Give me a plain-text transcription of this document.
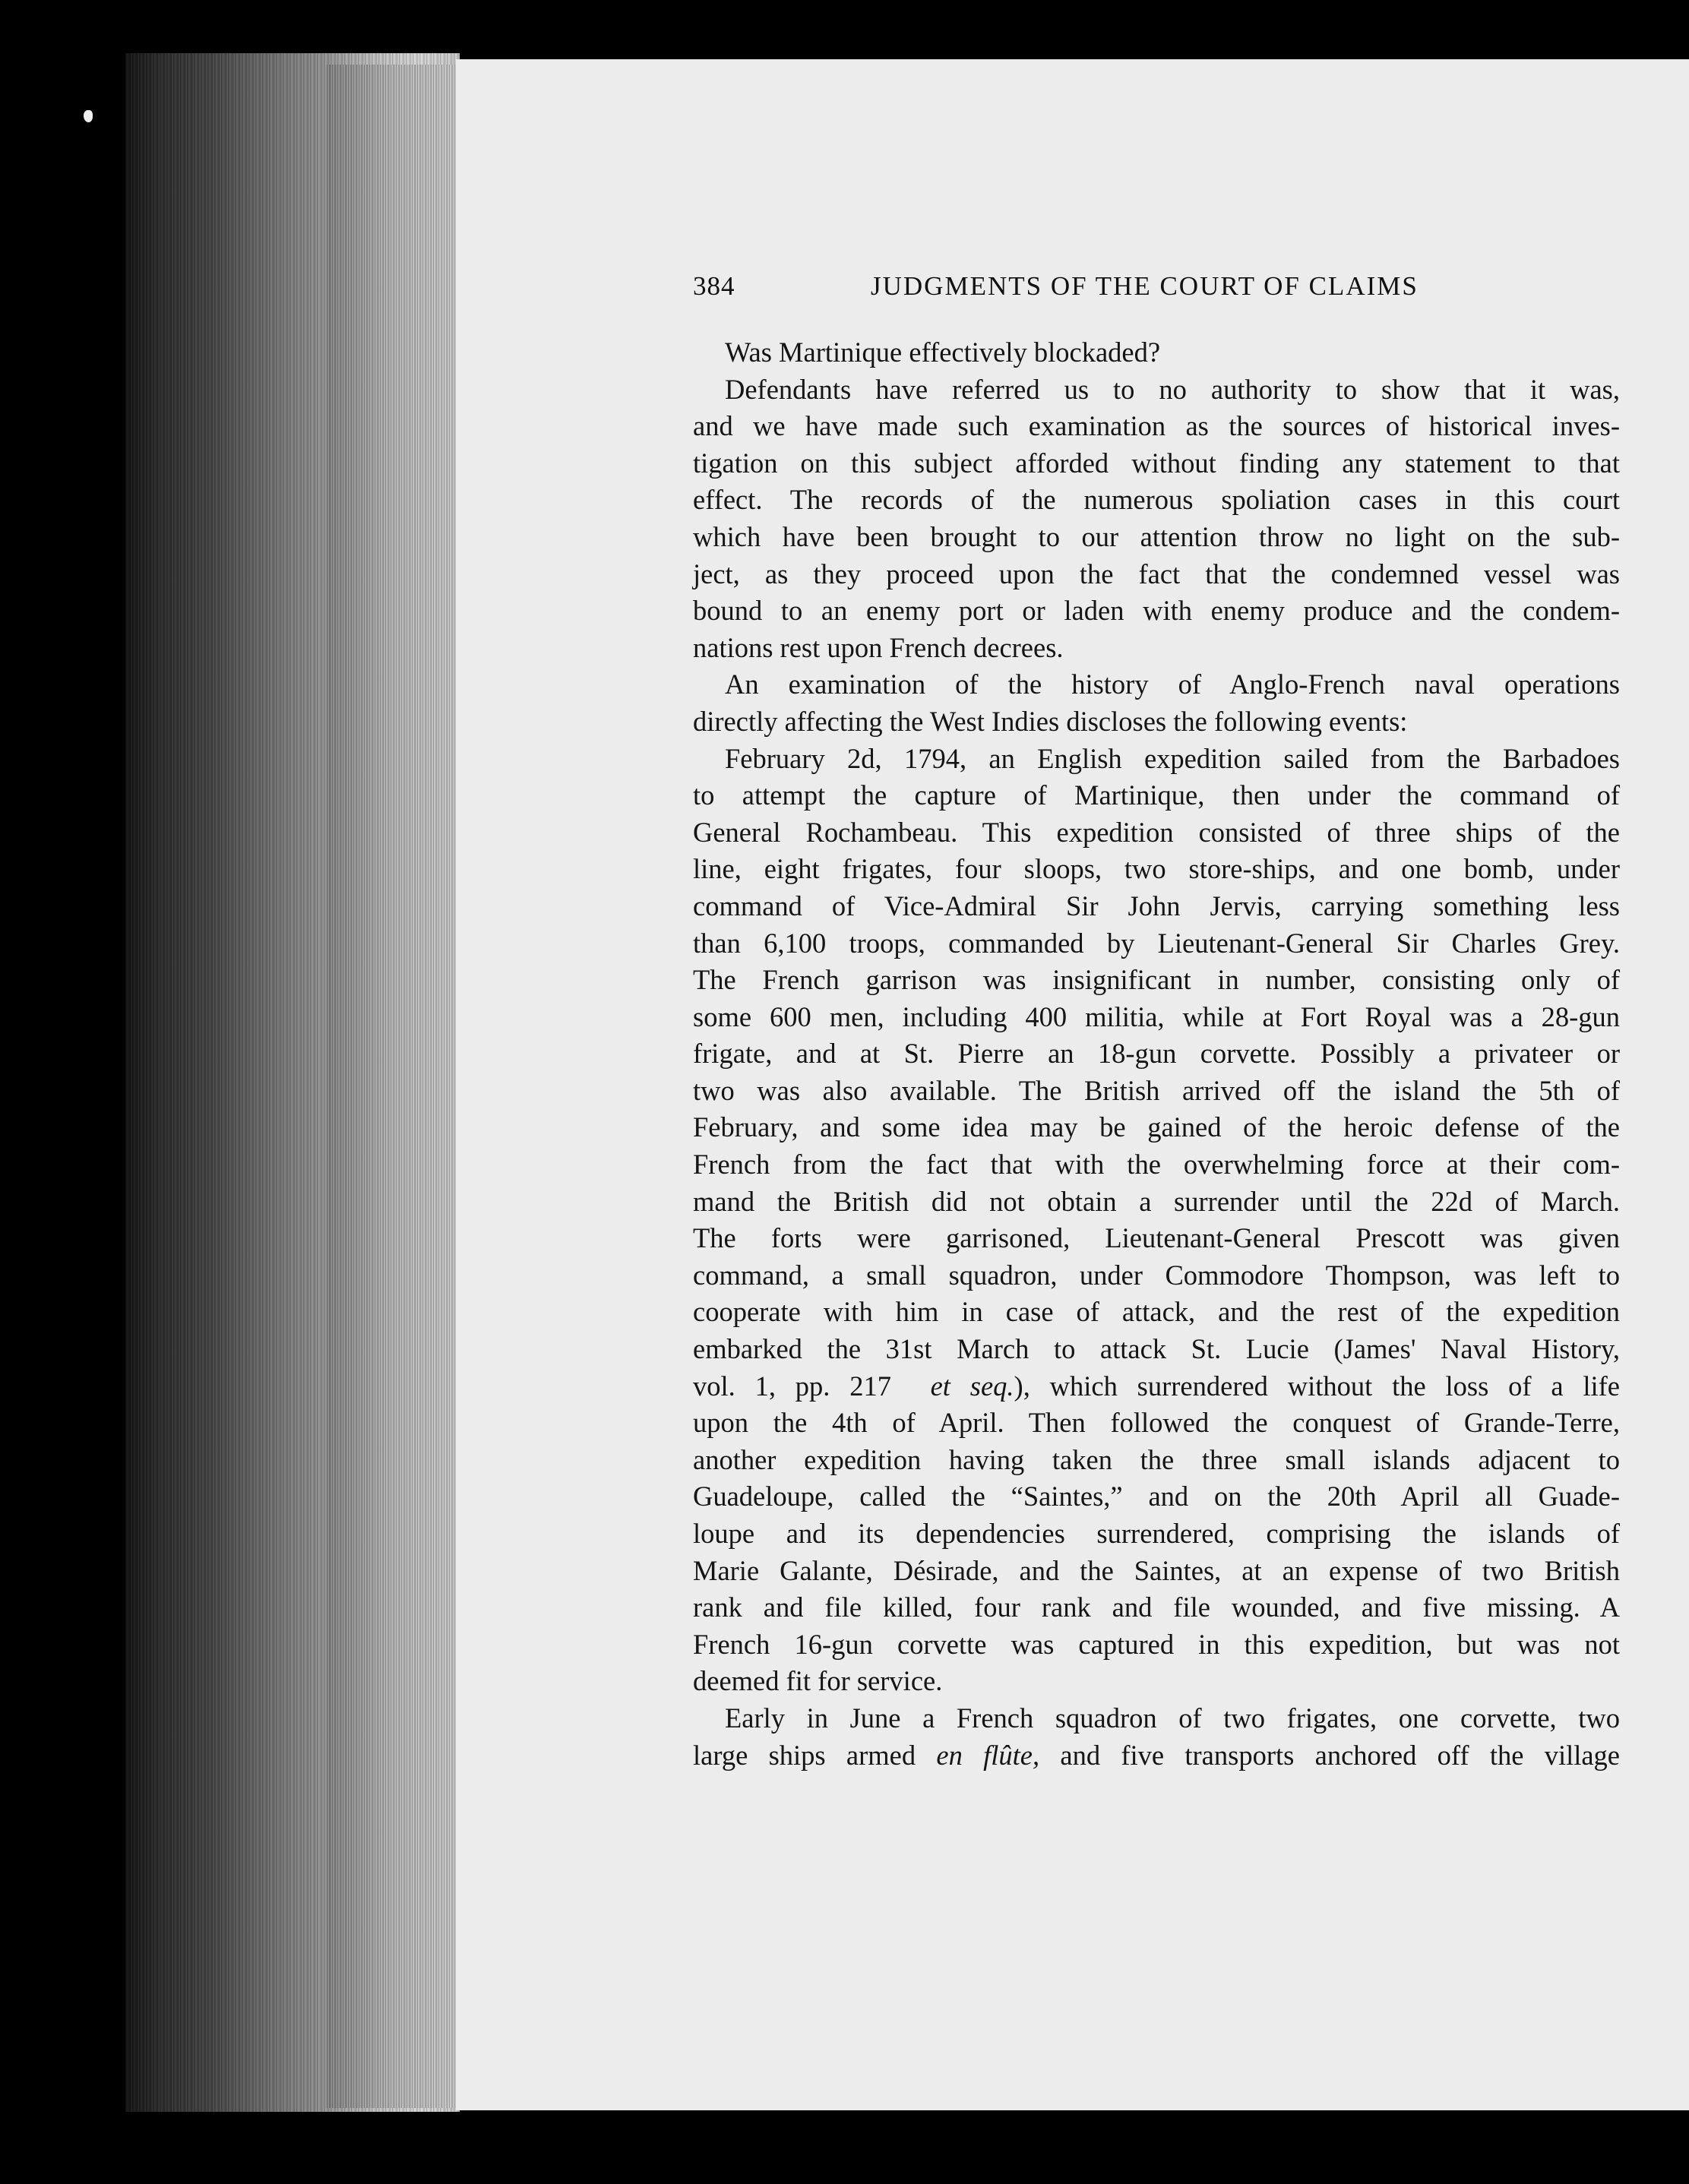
384	JUDGMENTS OF THE COURT OF CLAIMS
Was Martinique effectively blockaded?
Defendants have referred us to no authority to show that it was,
and we have made such examination as the sources of historical inves-
tigation on this subject afforded without finding any statement to that
effect. The records of the numerous spoliation cases in this court
which have been brought to our attention throw no light on the sub-
ject, as they proceed upon the fact that the condemned vessel was
bound to an enemy port or laden with enemy produce and the condem-
nations rest upon French decrees.
An examination of the history of Anglo-French naval operations
directly affecting the West Indies discloses the following events:
February 2d, 1794, an English expedition sailed from the Barbadoes
to attempt the capture of Martinique, then under the command of
General Rochambeau. This expedition consisted of three ships of the
line, eight frigates, four sloops, two store-ships, and one bomb, under
command of Vice-Admiral Sir John Jervis, carrying something less
than 6,100 troops, commanded by Lieutenant-General Sir Charles Grey.
The French garrison was insignificant in number, consisting only of
some 600 men, including 400 militia, while at Fort Royal was a 28-gun
frigate, and at St. Pierre an 18-gun corvette. Possibly a privateer or
two was also available. The British arrived off the island the 5th of
February, and some idea may be gained of the heroic defense of the
French from the fact that with the overwhelming force at their com-
mand the British did not obtain a surrender until the 22d of March.
The forts were garrisoned, Lieutenant-General Prescott was given
command, a small squadron, under Commodore Thompson, was left to
cooperate with him in case of attack, and the rest of the expedition
embarked the 31st March to attack St. Lucie (James' Naval History,
vol. 1, pp. 217 et seq.), which surrendered without the loss of a life
upon the 4th of April. Then followed the conquest of Grande-Terre,
another expedition having taken the three small islands adjacent to
Guadeloupe, called the “Saintes,” and on the 20th April all Guade-
loupe and its dependencies surrendered, comprising the islands of
Marie Galante, Désirade, and the Saintes, at an expense of two British
rank and file killed, four rank and file wounded, and five missing. A
French 16-gun corvette was captured in this expedition, but was not
deemed fit for service.
Early in June a French squadron of two frigates, one corvette, two
large ships armed en flûte, and five transports anchored off the village
